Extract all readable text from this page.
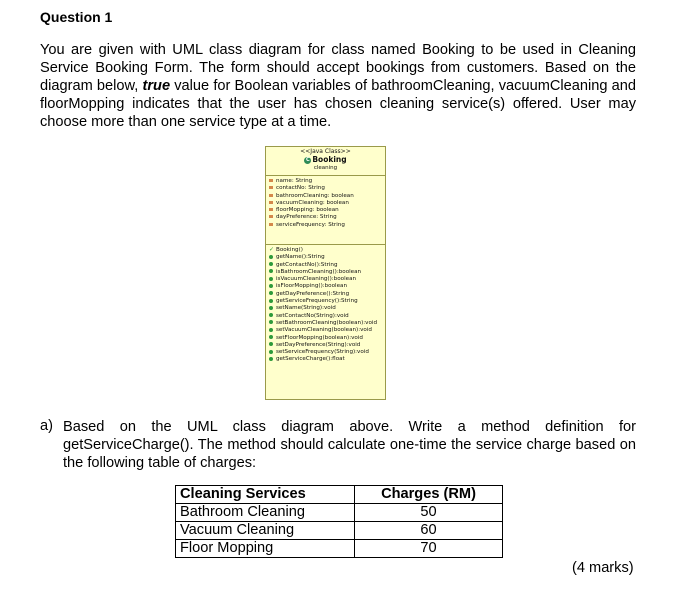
Question 1
You are given with UML class diagram for class named Booking to be used in Cleaning Service Booking Form. The form should accept bookings from customers. Based on the diagram below, true value for Boolean variables of bathroomCleaning, vacuumCleaning and floorMopping indicates that the user has chosen cleaning service(s) offered. User may choose more than one service type at a time.
<<Java Class>>
C Booking
cleaning
name: String
contactNo: String
bathroomCleaning: boolean
vacuumCleaning: boolean
floorMopping: boolean
dayPreference: String
serviceFrequency: String
✓ Booking()
getName():String
getContactNo():String
isBathroomCleaning():boolean
isVacuumCleaning():boolean
isFloorMopping():boolean
getDayPreference():String
getServiceFrequency():String
setName(String):void
setContactNo(String):void
setBathroomCleaning(boolean):void
setVacuumCleaning(boolean):void
setFloorMopping(boolean):void
setDayPreference(String):void
setServiceFrequency(String):void
getServiceCharge():float
a) Based on the UML class diagram above. Write a method definition for getServiceCharge(). The method should calculate one-time the service charge based on the following table of charges:
Cleaning Services	Charges (RM)
Bathroom Cleaning	50
Vacuum Cleaning	60
Floor Mopping	70
(4 marks)
